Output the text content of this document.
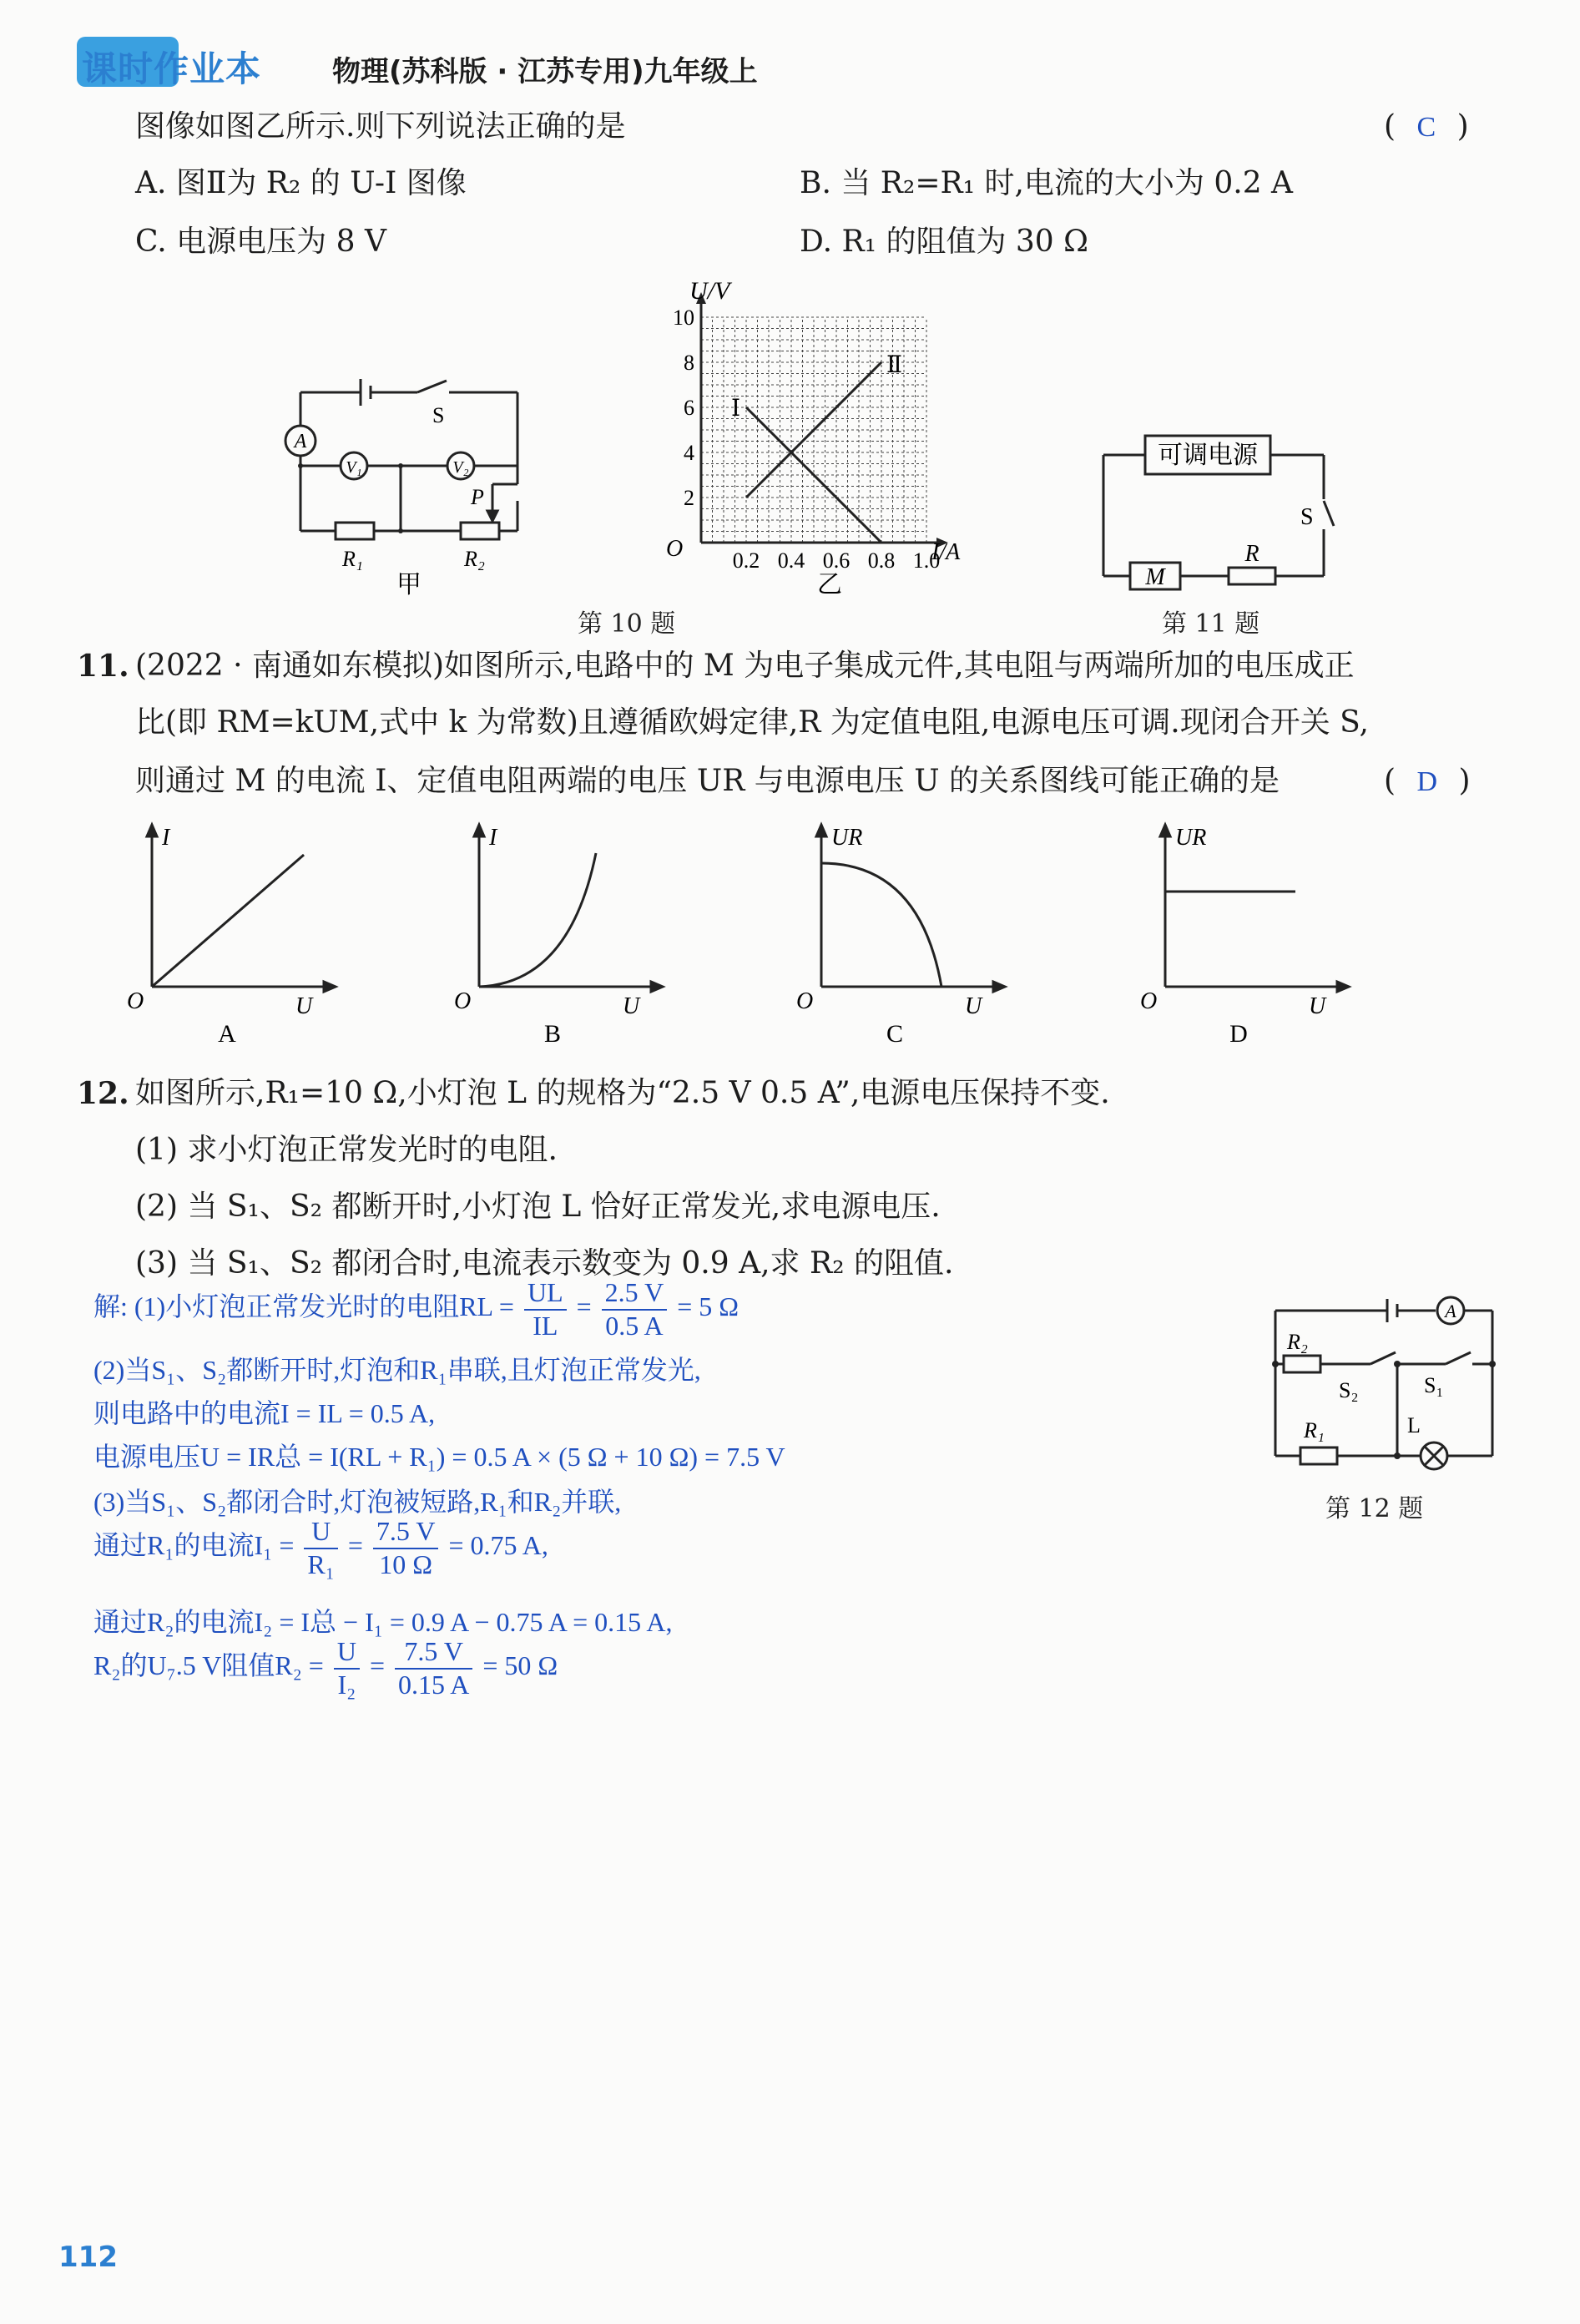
课时作业本 物理(苏科版 · 江苏专用)九年级上
图像如图乙所示.则下列说法正确的是	( C )
A. 图Ⅱ为 R₂ 的 U-I 图像	B. 当 R₂=R₁ 时,电流的大小为 0.2 A
C. 电源电压为 8 V	D. R₁ 的阻值为 30 Ω
A
V₁	V₂
S
P
R₁	R₂
甲
10
8
6
4
2
0.2 0.4 0.6 0.8 1.0
Ⅰ
Ⅱ
U/V
I/A
O
乙
可调电源
M
R
S
第 10 题	第 11 题
11. (2022 · 南通如东模拟)如图所示,电路中的 M 为电子集成元件,其电阻与两端所加的电压成正
比(即 RM=kUM,式中 k 为常数)且遵循欧姆定律,R 为定值电阻,电源电压可调.现闭合开关 S,
则通过 M 的电流 I、定值电阻两端的电压 UR 与电源电压 U 的关系图线可能正确的是	( D )
I
O	U
A
I
O	U
B
UR
O	U
C
UR
O	U
D
12. 如图所示,R₁=10 Ω,小灯泡 L 的规格为“2.5 V 0.5 A”,电源电压保持不变.
(1) 求小灯泡正常发光时的电阻.
(2) 当 S₁、S₂ 都断开时,小灯泡 L 恰好正常发光,求电源电压.
(3) 当 S₁、S₂ 都闭合时,电流表示数变为 0.9 A,求 R₂ 的阻值.
解: (1)小灯泡正常发光时的电阻RL = $\frac{UL}{IL} = \frac{2.5 V}{0.5 A} = 5$ Ω
(2)当S₁、S₂都断开时,灯泡和R₁串联,且灯泡正常发光,
则电路中的电流I = IL = 0.5 A,
电源电压U = IR总 = I(RL + R₁) = 0.5 A × (5 Ω + 10 Ω) = 7.5 V
(3)当S₁、S₂都闭合时,灯泡被短路,R₁和R₂并联,
通过R₁的电流$I_1 = \frac{U}{\text{R₁}} = \frac{7.5 V}{10 \Omega} = 0.75$ A,
通过R₂的电流I₂ = I总 − I₁ = 0.9 A − 0.75 A = 0.15 A,
R₂的U₇.5 V阻值$R_2 = \frac{U}{\text{I₂}} = \frac{7.5 V}{0.15 A} = 50$ Ω
A
R₂
S₂	S₁
R₁	L
第 12 题
112
